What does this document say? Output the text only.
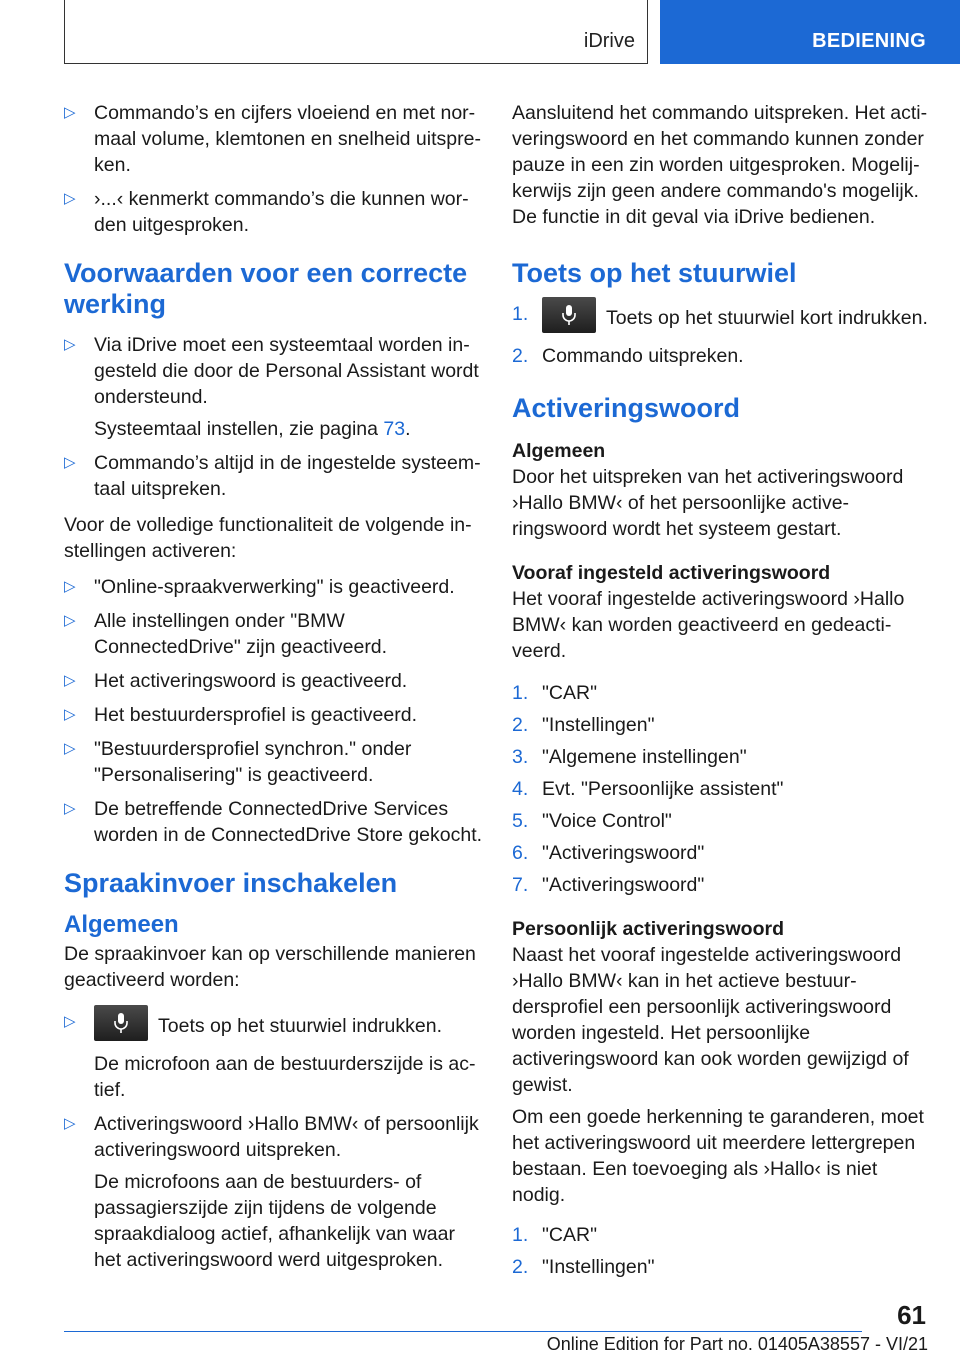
iDrive	BEDIENING
▷ Commando’s en cijfers vloeiend en met normaal volume, klemtonen en snelheid uitspreken.
▷ ›...‹ kenmerkt commando’s die kunnen worden uitgesproken.
Voorwaarden voor een correcte werking

▷ Via iDrive moet een systeemtaal worden ingesteld die door de Personal Assistant wordt ondersteund.

Systeemtaal instellen, zie pagina 73.

▷ Commando’s altijd in de ingestelde systeemtaal uitspreken.

Voor de volledige functionaliteit de volgende instellingen activeren:

▷ "Online-spraakverwerking" is geactiveerd.
▷ Alle instellingen onder "BMW ConnectedDrive" zijn geactiveerd.
▷ Het activeringswoord is geactiveerd.
▷ Het bestuurdersprofiel is geactiveerd.
▷ "Bestuurdersprofiel synchron." onder "Personalisering" is geactiveerd.
▷ De betreffende ConnectedDrive Services worden in de ConnectedDrive Store gekocht.
Spraakinvoer inschakelen
Algemeen

De spraakinvoer kan op verschillende manieren geactiveerd worden:

▷ Toets op het stuurwiel indrukken.

De microfoon aan de bestuurderszijde is actief.

▷ Activeringswoord ›Hallo BMW‹ of persoonlijk activeringswoord uitspreken.

De microfoons aan de bestuurders- of passagierszijde zijn tijdens de volgende spraakdialoog actief, afhankelijk van waar het activeringswoord werd uitgesproken.

Aansluitend het commando uitspreken. Het activeringswoord en het commando kunnen zonder pauze in een zin worden uitgesproken. Mogelijkerwijs zijn geen andere commando's mogelijk. De functie in dit geval via iDrive bedienen.

Toets op het stuurwiel
1.	Toets op het stuurwiel kort indrukken.
2. Commando uitspreken.
Activeringswoord
Algemeen

Door het uitspreken van het activeringswoord ›Hallo BMW‹ of het persoonlijke activeringswoord wordt het systeem gestart.

Vooraf ingesteld activeringswoord

Het vooraf ingestelde activeringswoord ›Hallo BMW‹ kan worden geactiveerd en gedeactiveerd.

1. "CAR"
2. "Instellingen"
3. "Algemene instellingen"
4. Evt. "Persoonlijke assistent"
5. "Voice Control"
6. "Activeringswoord"
7. "Activeringswoord"
Persoonlijk activeringswoord

Naast het vooraf ingestelde activeringswoord ›Hallo BMW‹ kan in het actieve bestuurdersprofiel een persoonlijk activeringswoord worden ingesteld. Het persoonlijke activeringswoord kan ook worden gewijzigd of gewist.

Om een goede herkenning te garanderen, moet het activeringswoord uit meerdere lettergrepen bestaan. Een toevoeging als ›Hallo‹ is niet nodig.

1. "CAR"
2. "Instellingen"
61
Online Edition for Part no. 01405A38557 - VI/21
